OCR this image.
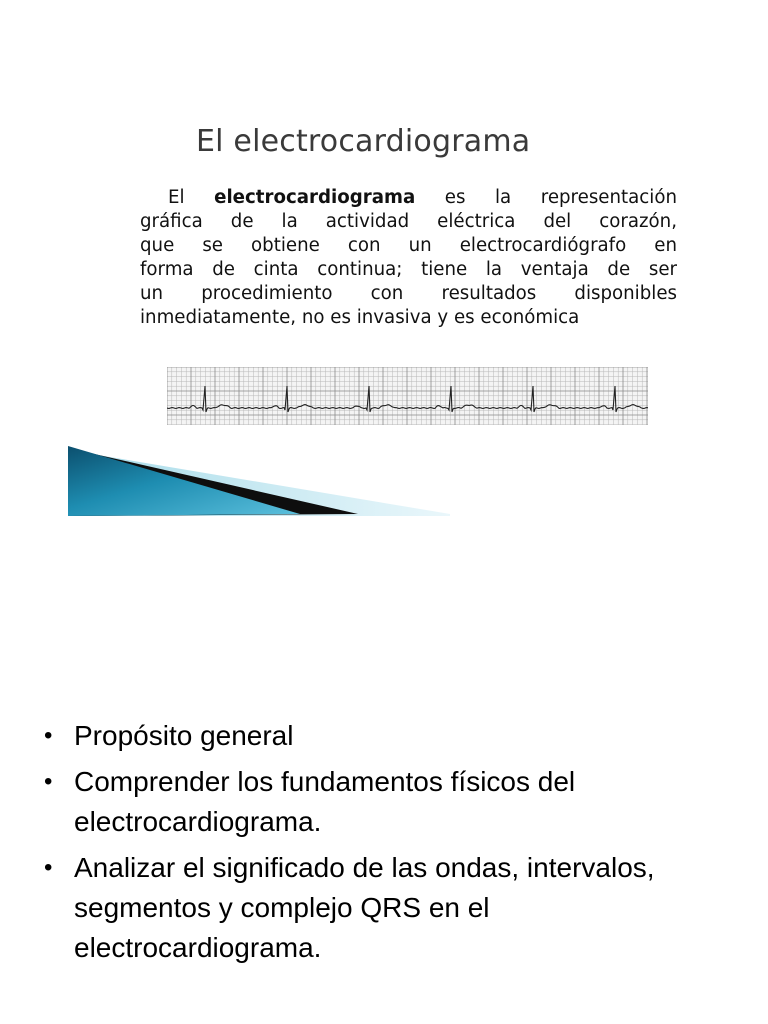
El electrocardiograma
El electrocardiograma es la representación
gráfica de la actividad eléctrica del corazón,
que se obtiene con un electrocardiógrafo en
forma de cinta continua; tiene la ventaja de ser
un procedimiento con resultados disponibles
inmediatamente, no es invasiva y es económica
• Propósito general
• Comprender los fundamentos físicos del
electrocardiograma.
• Analizar el significado de las ondas, intervalos,
segmentos y complejo QRS en el
electrocardiograma.
